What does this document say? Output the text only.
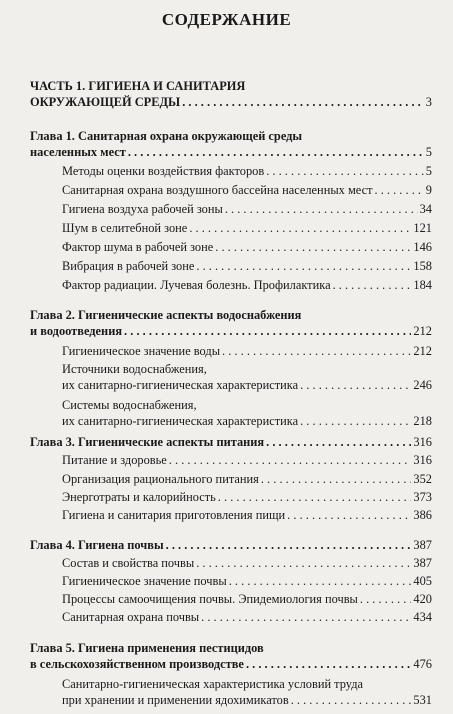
СОДЕРЖАНИЕ
ЧАСТЬ 1. ГИГИЕНА И САНИТАРИЯ
ОКРУЖАЮЩЕЙ СРЕДЫ . . .	3
Глава 1. Санитарная охрана окружающей среды
населенных мест . . .	5
Методы оценки воздействия факторов . . .	5
Санитарная охрана воздушного бассейна населенных мест . . .	9
Гигиена воздуха рабочей зоны . . .	34
Шум в селитебной зоне . . .	121
Фактор шума в рабочей зоне . . .	146
Вибрация в рабочей зоне . . .	158
Фактор радиации. Лучевая болезнь. Профилактика . . .	184
Глава 2. Гигиенические аспекты водоснабжения
и водоотведения . . .	212
Гигиеническое значение воды . . .	212
Источники водоснабжения,
их санитарно-гигиеническая характеристика . . .	246
Системы водоснабжения,
их санитарно-гигиеническая характеристика . . .	218
Глава 3. Гигиенические аспекты питания . . .	316
Питание и здоровье . . .	316
Организация рационального питания . . .	352
Энерготраты и калорийность . . .	373
Гигиена и санитария приготовления пищи . . .	386
Глава 4. Гигиена почвы . . .	387
Состав и свойства почвы . . .	387
Гигиеническое значение почвы . . .	405
Процессы самоочищения почвы. Эпидемиология почвы . . .	420
Санитарная охрана почвы . . .	434
Глава 5. Гигиена применения пестицидов
в сельскохозяйственном производстве . . .	476
Санитарно-гигиеническая характеристика условий труда
при хранении и применении ядохимикатов . . .	531
